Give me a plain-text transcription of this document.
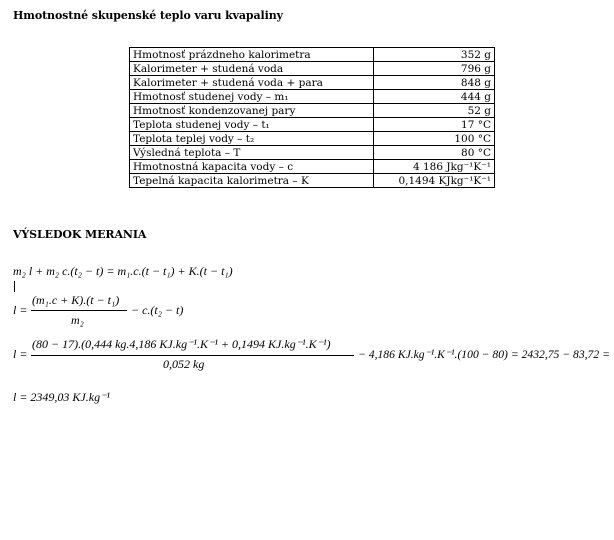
Hmotnostné skupenské teplo varu kvapaliny
Hmotnosť prázdneho kalorimetra	352 g
Kalorimeter + studená voda	796 g
Kalorimeter + studená voda + para	848 g
Hmotnosť studenej vody – m₁	444 g
Hmotnosť kondenzovanej pary	52 g
Teplota studenej vody – t₁	17 °C
Teplota teplej vody – t₂	100 °C
Výsledná teplota – T	80 °C
Hmotnostná kapacita vody – c	4 186 Jkg⁻¹K⁻¹
Tepelná kapacita kalorimetra – K	0,1494 KJkg⁻¹K⁻¹
VÝSLEDOK MERANIA
m₂ l + m₂ c.(t₂ − t) = m₁.c.(t − t₁) + K.(t − t₁)
l =
(m₁.c + K).(t − t₁)
m₂
− c.(t₂ − t)
l =
(80 − 17).(0,444 kg.4,186 KJ.kg⁻¹.K⁻¹ + 0,1494 KJ.kg⁻¹.K⁻¹)
0,052 kg
− 4,186 KJ.kg⁻¹.K⁻¹.(100 − 80) = 2432,75 − 83,72 =
l = 2349,03 KJ.kg⁻¹
